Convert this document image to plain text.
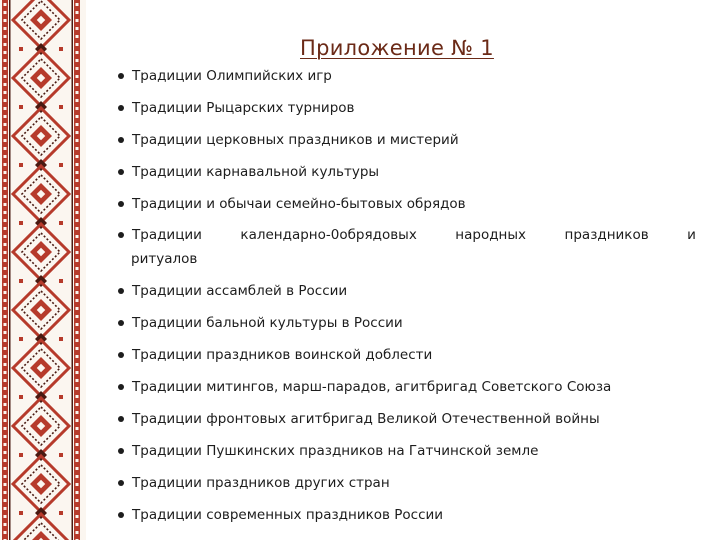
Приложение № 1
Традиции Олимпийских игр
Традиции Рыцарских турниров
Традиции церковных праздников и мистерий
Традиции карнавальной культуры
Традиции и обычаи семейно-бытовых обрядов
Традиции	календарно-0обрядовых	народных	праздников	и
ритуалов
Традиции ассамблей в России
Традиции бальной культуры в России
Традиции праздников воинской доблести
Традиции митингов, марш-парадов, агитбригад Советского Союза
Традиции фронтовых агитбригад Великой Отечественной войны
Традиции Пушкинских праздников на Гатчинской земле
Традиции праздников других стран
Традиции современных праздников России
